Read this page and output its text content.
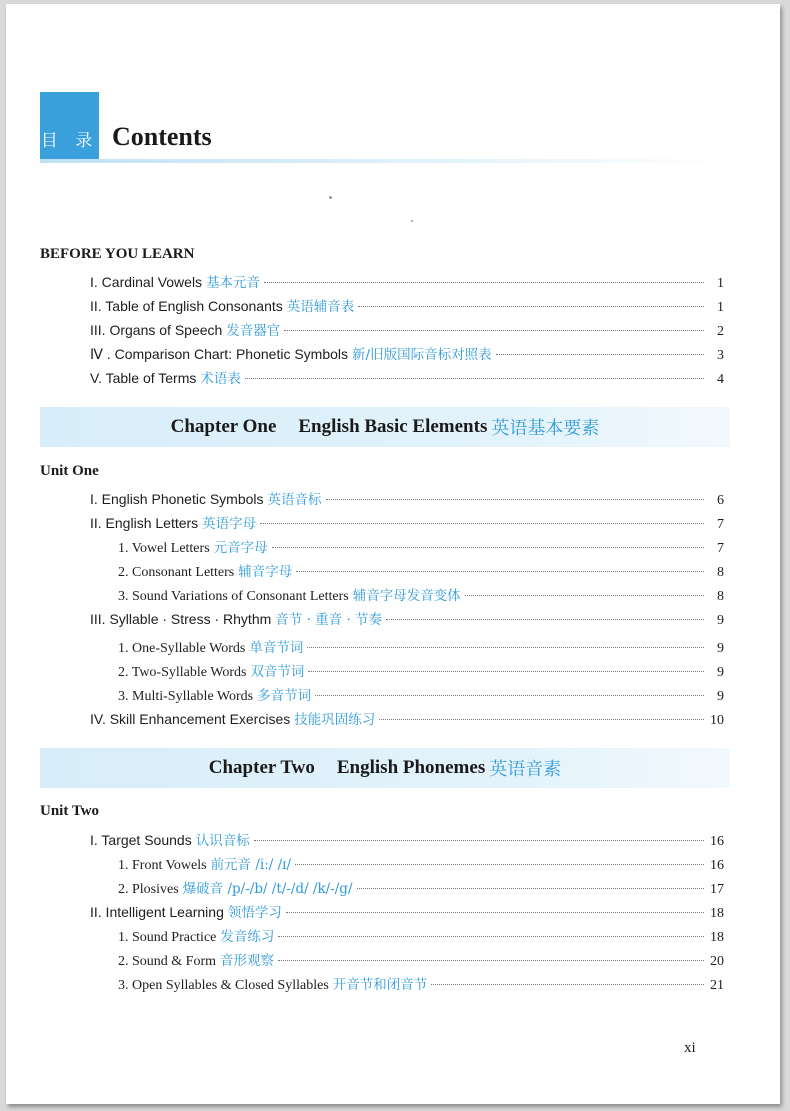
目 录 Contents
BEFORE YOU LEARN
I. Cardinal Vowels 基本元音	1
II. Table of English Consonants 英语辅音表	1
III. Organs of Speech 发音器官	2
Ⅳ . Comparison Chart: Phonetic Symbols 新/旧版国际音标对照表	3
V. Table of Terms 术语表	4
Chapter One English Basic Elements 英语基本要素
Unit One
I. English Phonetic Symbols 英语音标	6
II. English Letters 英语字母	7
1. Vowel Letters 元音字母	7
2. Consonant Letters 辅音字母	8
3. Sound Variations of Consonant Letters 辅音字母发音变体	8
III. Syllable · Stress · Rhythm 音节 · 重音 · 节奏	9
1. One-Syllable Words 单音节词	9
2. Two-Syllable Words 双音节词	9
3. Multi-Syllable Words 多音节词	9
IV. Skill Enhancement Exercises 技能巩固练习	10
Chapter Two English Phonemes 英语音素
Unit Two
I. Target Sounds 认识音标	16
1. Front Vowels 前元音 /iː/ /ɪ/	16
2. Plosives 爆破音 /p/-/b/ /t/-/d/ /k/-/g/	17
II. Intelligent Learning 领悟学习	18
1. Sound Practice 发音练习	18
2. Sound & Form 音形观察	20
3. Open Syllables & Closed Syllables 开音节和闭音节	21
xi
